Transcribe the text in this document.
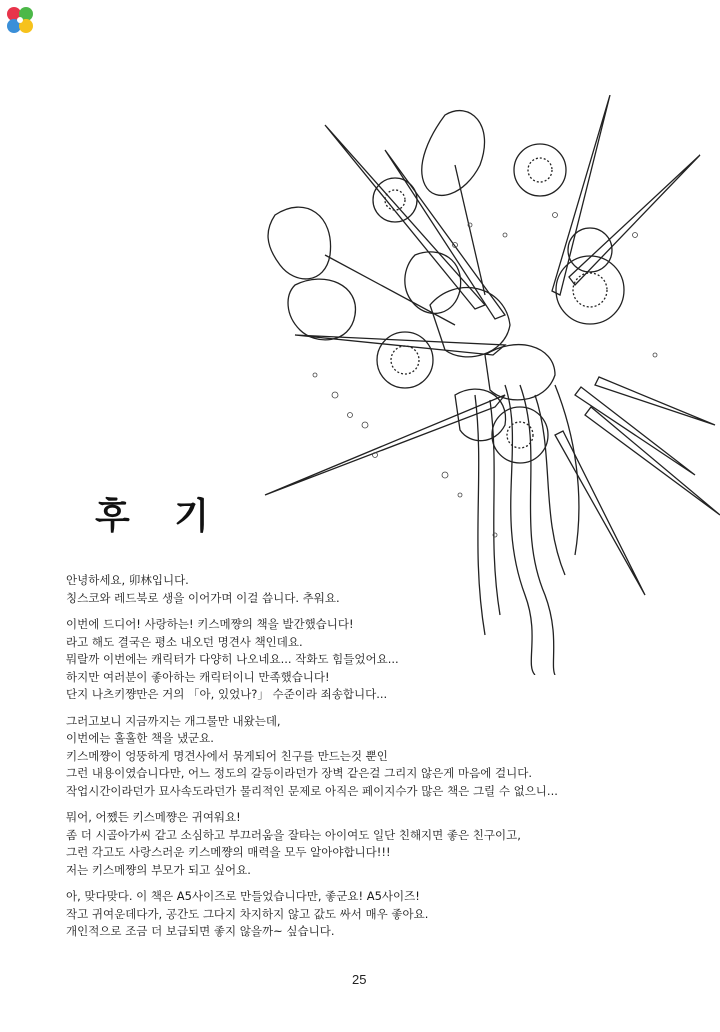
후 기

안녕하세요, 卯林입니다.
칭스코와 레드북로 생을 이어가며 이걸 씁니다. 추워요.

이번에 드디어! 사랑하는! 키스메쨩의 책을 발간했습니다!
라고 해도 결국은 평소 내오던 명견사 책인데요.
뭐랄까 이번에는 캐릭터가 다양히 나오네요... 작화도 힘들었어요...
하지만 여러분이 좋아하는 캐릭터이니 만족했습니다!
단지 나츠키쨩만은 거의 「아, 있었나?」 수준이라 죄송합니다...

그러고보니 지금까지는 개그물만 내왔는데,
이번에는 훌훌한 책을 냈군요.
키스메쨩이 엉뚱하게 명견사에서 묶게되어 친구를 만드는것 뿐인
그런 내용이였습니다만, 어느 정도의 갈등이라던가 장벽 같은걸 그리지 않은게 마음에 걸니다.
작업시간이라던가 묘사속도라던가 물리적인 문제로 아직은 페이지수가 많은 책은 그릴 수 없으니...

뭐어, 어쨌든 키스메쨩은 귀여워요!
좀 더 시골아가씨 같고 소심하고 부끄러움을 잘타는 아이여도 일단 친해지면 좋은 친구이고,
그런 각고도 사랑스러운 키스메쨩의 매력을 모두 알아야합니다!!!
저는 키스메쨩의 부모가 되고 싶어요.

아, 맞다맞다. 이 책은 A5사이즈로 만들었습니다만, 좋군요! A5사이즈!
작고 귀여운데다가, 공간도 그다지 차지하지 않고 값도 싸서 매우 좋아요.
개인적으로 조금 더 보급되면 좋지 않을까~ 싶습니다.

25
